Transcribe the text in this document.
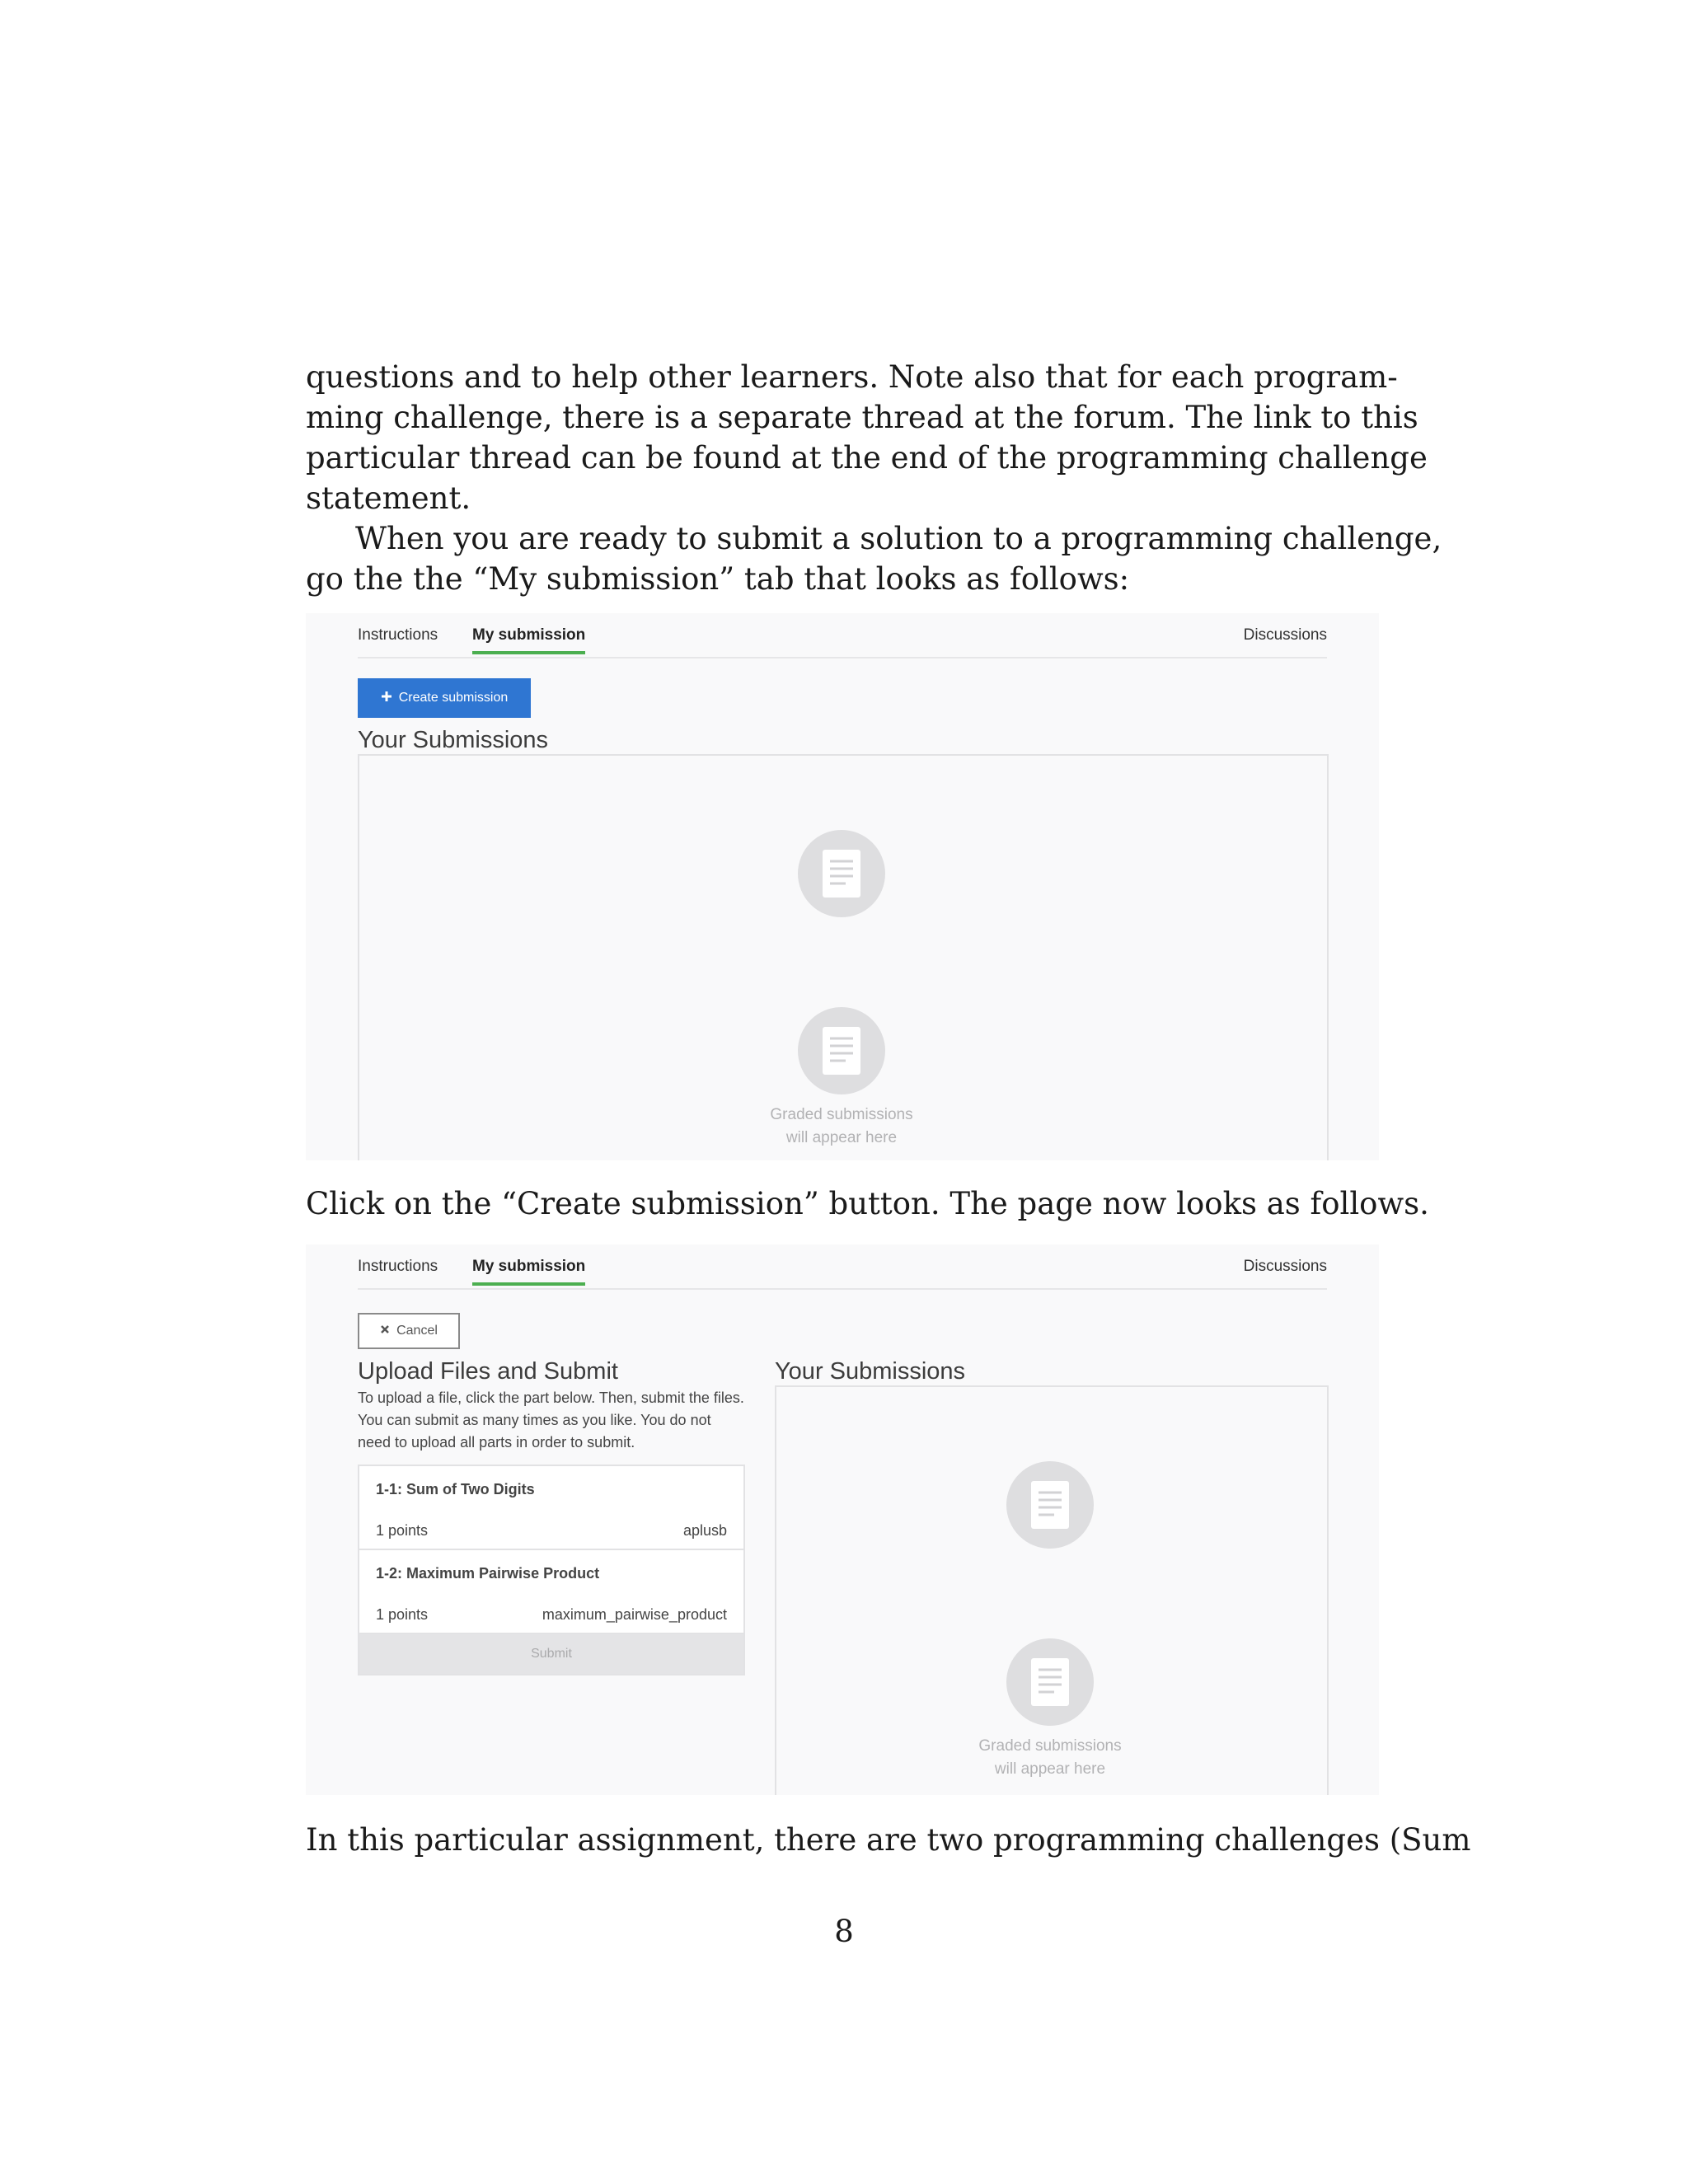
questions and to help other learners. Note also that for each program-
ming challenge, there is a separate thread at the forum. The link to this
particular thread can be found at the end of the programming challenge
statement.
When you are ready to submit a solution to a programming challenge,
go the the “My submission” tab that looks as follows:
Instructions My submission	Discussions
Create submission
Your Submissions
Graded submissions
will appear here
Click on the “Create submission” button. The page now looks as follows.
Instructions My submission	Discussions
Cancel
Upload Files and Submit
To upload a file, click the part below. Then, submit the files. You can submit as many times as you like. You do not need to upload all parts in order to submit.
1-1: Sum of Two Digits
1 points	aplusb
1-2: Maximum Pairwise Product
1 points	maximum_pairwise_product
Submit
Your Submissions
Graded submissions
will appear here
In this particular assignment, there are two programming challenges (Sum
8
